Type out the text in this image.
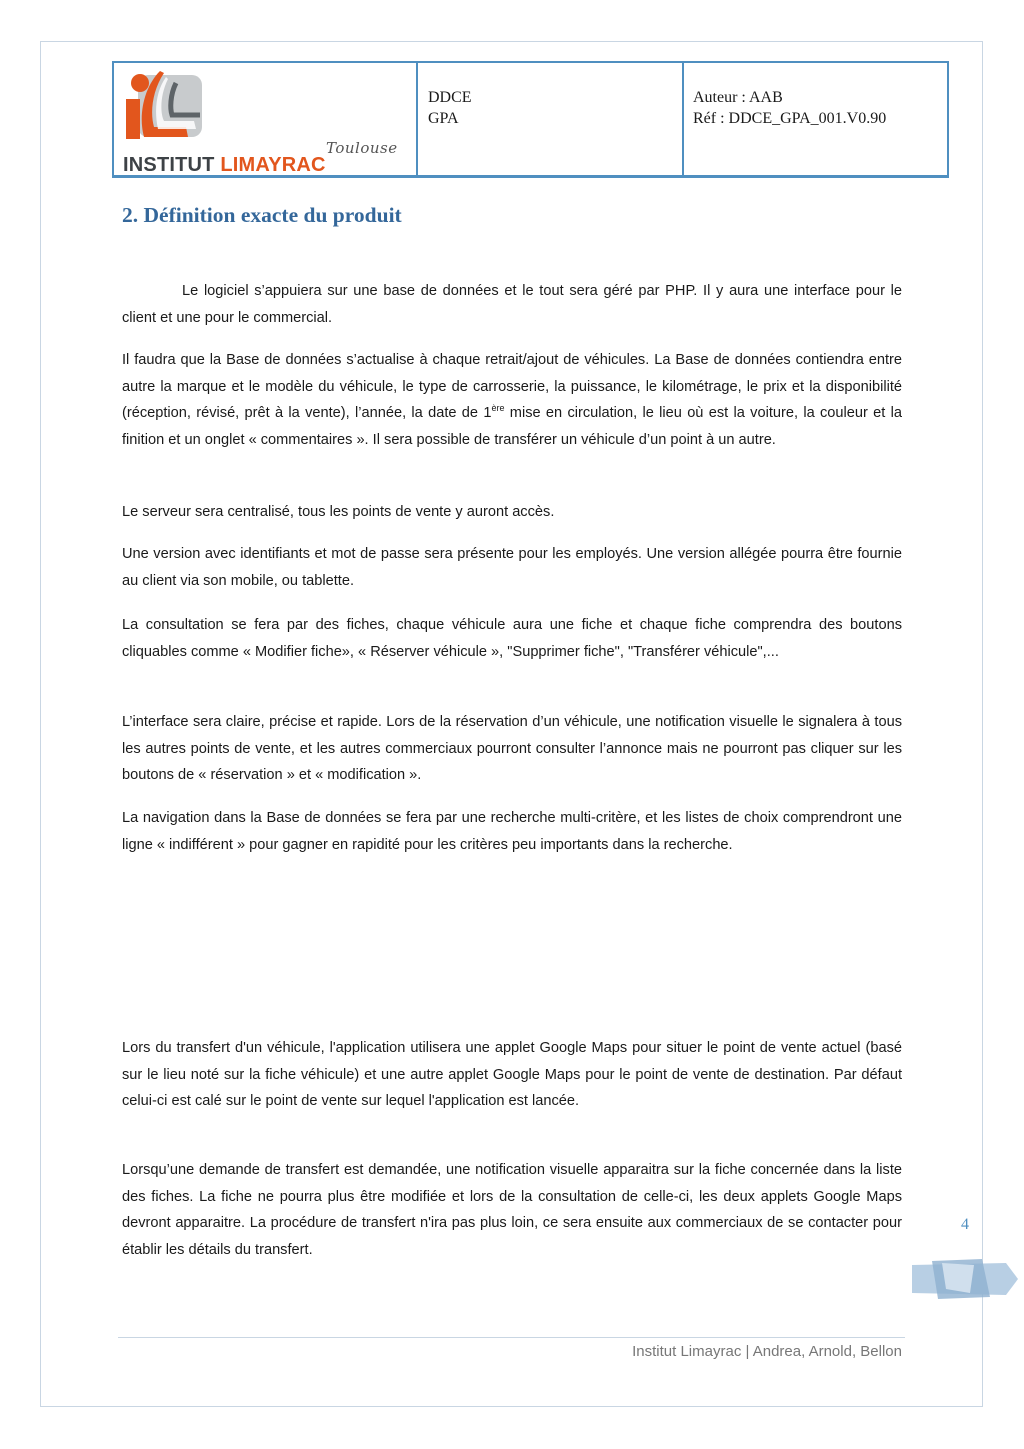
Toulouse
INSTITUT LIMAYRAC
DDCE
GPA
Auteur : AAB
Réf : DDCE_GPA_001.V0.90
2. Définition exacte du produit

Le logiciel s’appuiera sur une base de données et le tout sera géré par PHP. Il y aura une interface pour le client et une pour le commercial.

Il faudra que la Base de données s’actualise à chaque retrait/ajout de véhicules. La Base de données contiendra entre autre la marque et le modèle du véhicule, le type de carrosserie, la puissance, le kilométrage, le prix et la disponibilité (réception, révisé, prêt à la vente), l’année, la date de 1ère mise en circulation, le lieu où est la voiture, la couleur et la finition et un onglet « commentaires ». Il sera possible de transférer un véhicule d’un point à un autre.

Le serveur sera centralisé, tous les points de vente y auront accès.

Une version avec identifiants et mot de passe sera présente pour les employés. Une version allégée pourra être fournie au client via son mobile, ou tablette.

La consultation se fera par des fiches, chaque véhicule aura une fiche et chaque fiche comprendra des boutons cliquables comme « Modifier fiche», « Réserver véhicule », "Supprimer fiche", "Transférer véhicule",...

L’interface sera claire, précise et rapide. Lors de la réservation d’un véhicule, une notification visuelle le signalera à tous les autres points de vente, et les autres commerciaux pourront consulter l’annonce mais ne pourront pas cliquer sur les boutons de « réservation » et « modification ».

La navigation dans la Base de données se fera par une recherche multi-critère, et les listes de choix comprendront une ligne « indifférent » pour gagner en rapidité pour les critères peu importants dans la recherche.

Lors du transfert d'un véhicule, l'application utilisera une applet Google Maps pour situer le point de vente actuel (basé sur le lieu noté sur la fiche véhicule) et une autre applet Google Maps pour le point de vente de destination. Par défaut celui-ci est calé sur le point de vente sur lequel l'application est lancée.

Lorsqu’une demande de transfert est demandée, une notification visuelle apparaitra sur la fiche concernée dans la liste des fiches. La fiche ne pourra plus être modifiée et lors de la consultation de celle-ci, les deux applets Google Maps devront apparaitre. La procédure de transfert n'ira pas plus loin, ce sera ensuite aux commerciaux de se contacter pour établir les détails du transfert.

4
Institut Limayrac | Andrea, Arnold, Bellon
